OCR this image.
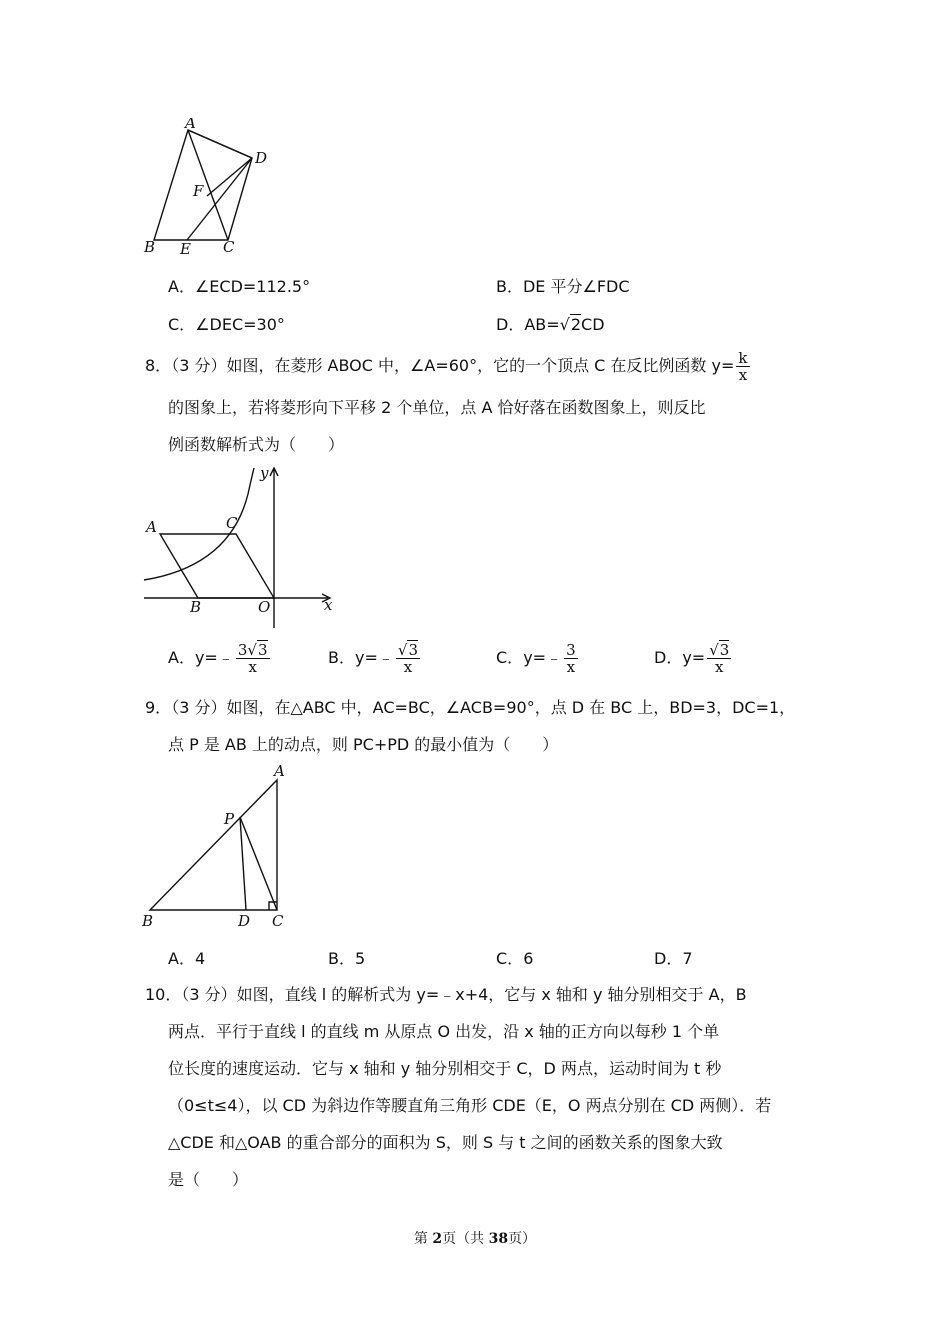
A
D
F
B E C
A．∠ECD=112.5°	B．DE 平分∠FDC
C．∠DEC=30°	D．AB=√2CD
8．（3 分）如图，在菱形 ABOC 中，∠A=60°，它的一个顶点 C 在反比例函数 $y= \frac{k}{x}$
的图象上，若将菱形向下平移 2 个单位，点 A 恰好落在函数图象上，则反比
例函数解析式为（　　）
A	C
y
B	O	x
A．y=﹣ $\frac{3√3}{x}$	B．y=﹣ $\frac{√3}{x}$	C．y=﹣ $\frac{3}{x}$	D．$y= \frac{√3}{x}$
9．（3 分）如图，在△ABC 中，AC=BC，∠ACB=90°，点 D 在 BC 上，BD=3，DC=1，
点 P 是 AB 上的动点，则 PC+PD 的最小值为（　　）
A
P
B	D C
A．4	B．5	C．6	D．7
10．（3 分）如图，直线 l 的解析式为 y=﹣x+4，它与 x 轴和 y 轴分别相交于 A，B
两点．平行于直线 l 的直线 m 从原点 O 出发，沿 x 轴的正方向以每秒 1 个单
位长度的速度运动．它与 x 轴和 y 轴分别相交于 C，D 两点，运动时间为 t 秒
（0≤t≤4），以 CD 为斜边作等腰直角三角形 CDE（E，O 两点分别在 CD 两侧）．若
△CDE 和△OAB 的重合部分的面积为 S，则 S 与 t 之间的函数关系的图象大致
是（　　）
第 2页（共 38页）
